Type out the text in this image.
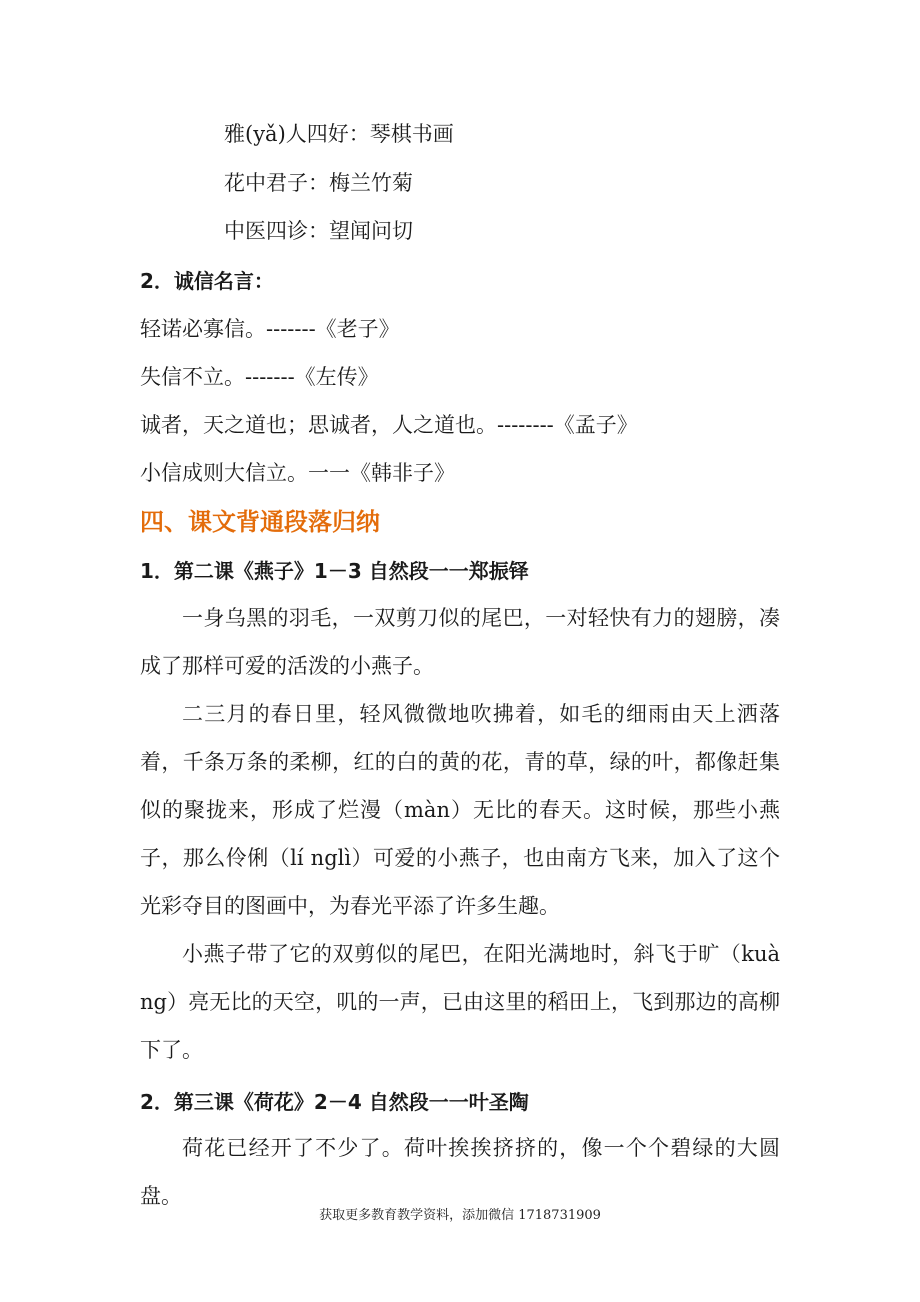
雅(yǎ)人四好：琴棋书画
花中君子：梅兰竹菊
中医四诊：望闻问切
2．诚信名言：
轻诺必寡信。-------《老子》
失信不立。-------《左传》
诚者，天之道也；思诚者，人之道也。--------《孟子》
小信成则大信立。一一《韩非子》
四、课文背通段落归纳
1．第二课《燕子》1－3 自然段一一郑振铎
一身乌黑的羽毛，一双剪刀似的尾巴，一对轻快有力的翅膀，凑成了那样可爱的活泼的小燕子。
二三月的春日里，轻风微微地吹拂着，如毛的细雨由天上洒落着，千条万条的柔柳，红的白的黄的花，青的草，绿的叶，都像赶集似的聚拢来，形成了烂漫（màn）无比的春天。这时候，那些小燕子，那么伶俐（lí nglì）可爱的小燕子，也由南方飞来，加入了这个光彩夺目的图画中，为春光平添了许多生趣。
小燕子带了它的双剪似的尾巴，在阳光满地时，斜飞于旷（kuà ng）亮无比的天空，叽的一声，已由这里的稻田上，飞到那边的高柳下了。
2．第三课《荷花》2－4 自然段一一叶圣陶
荷花已经开了不少了。荷叶挨挨挤挤的，像一个个碧绿的大圆盘。
获取更多教育教学资料，添加微信 1718731909
